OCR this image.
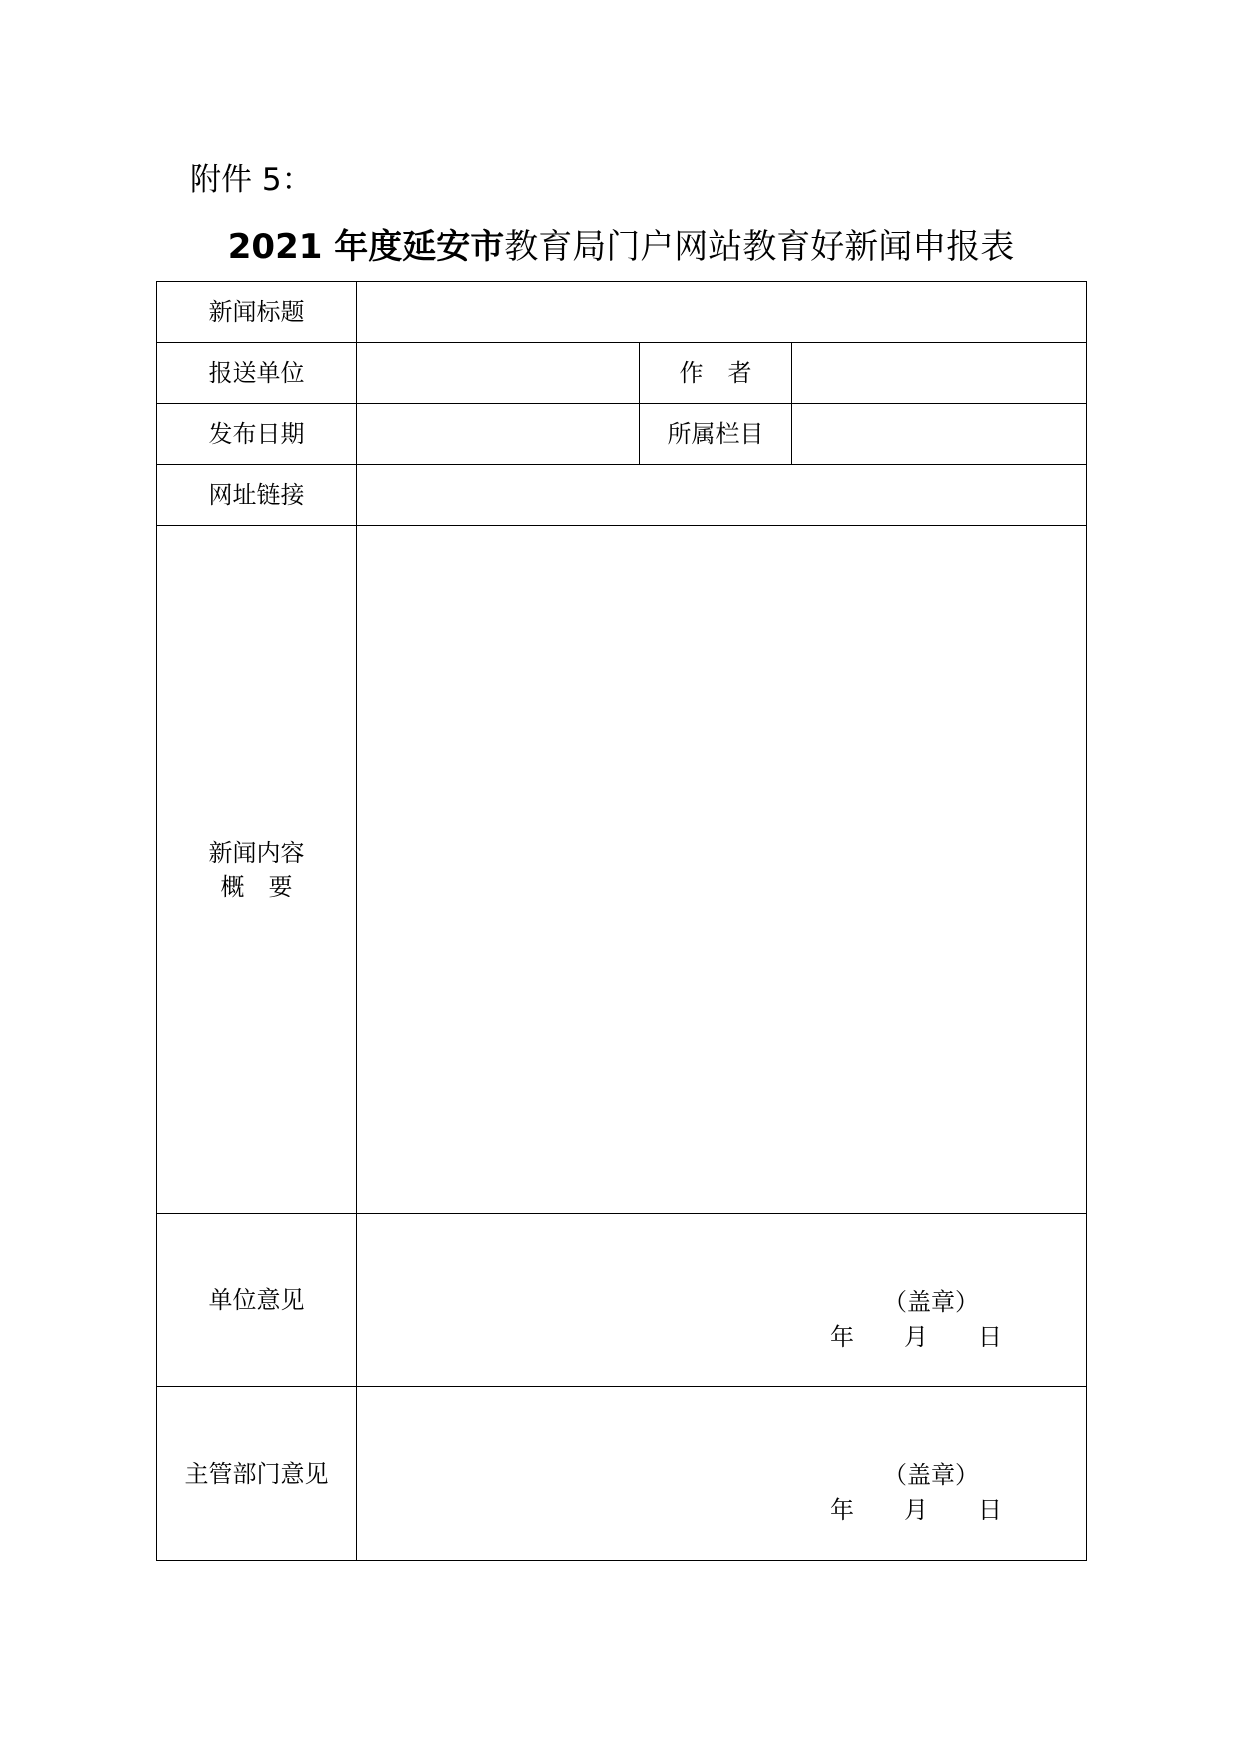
附件 5：
2021 年度延安市教育局门户网站教育好新闻申报表
新闻标题			
报送单位		作　者	
发布日期		所属栏目	
网址链接			

新闻内容
概　要			

单位意见	（盖章）
年 月 日		

主管部门意见	（盖章）
年 月 日		
